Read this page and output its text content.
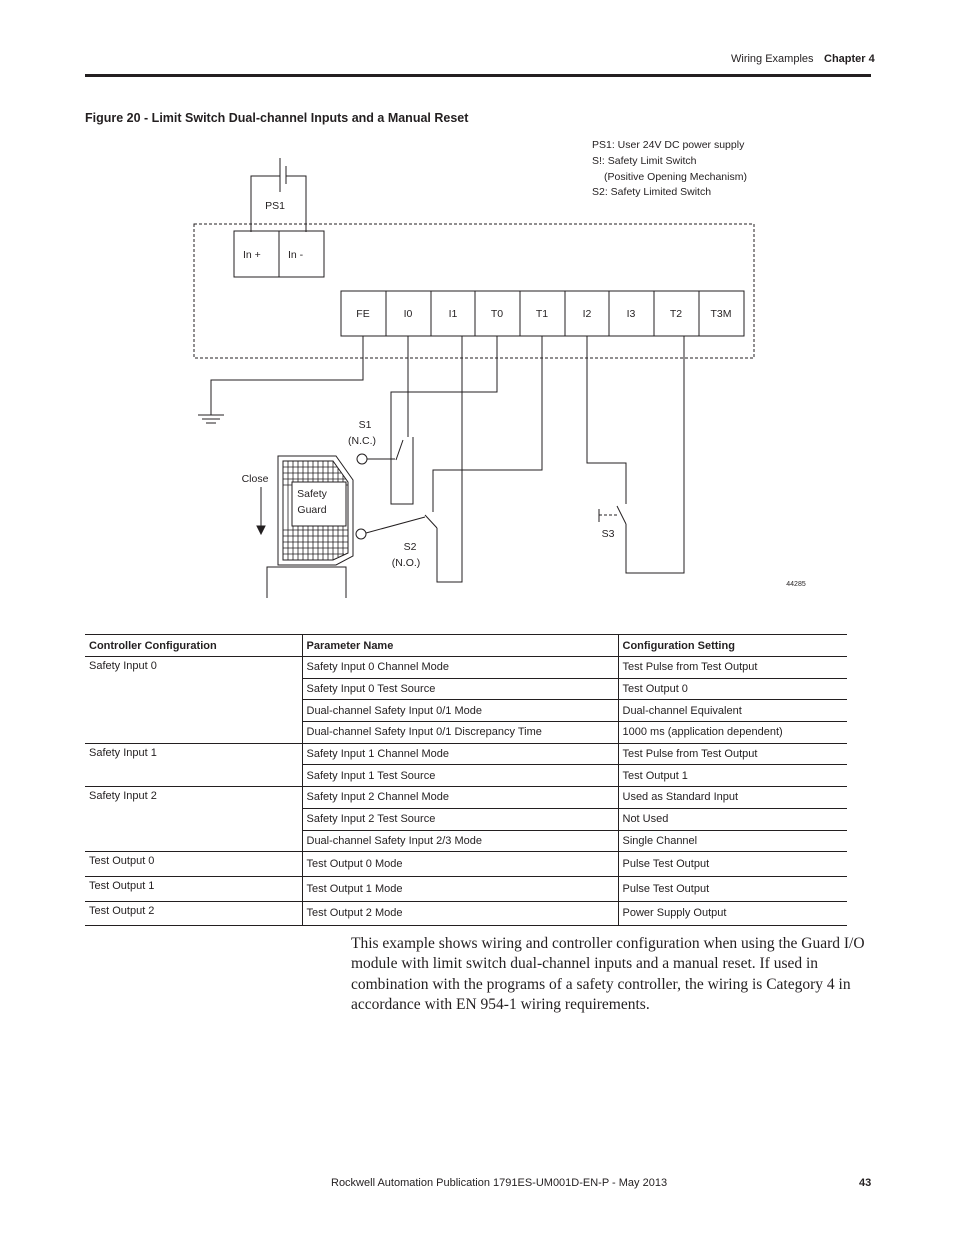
Wiring Examples Chapter 4
Figure 20 - Limit Switch Dual-channel Inputs and a Manual Reset
PS1
In +	In -
FE	I0	I1	T0	T1	I2	I3	T2	T3M
PS1: User 24V DC power supply
S!: Safety Limit Switch
(Positive Opening Mechanism)
S2: Safety Limited Switch
S1
(N.C.)
S2
(N.O.)
S3
Close
Safety
Guard
44285
Controller Configuration	Parameter Name	Configuration Setting
Safety Input 0	Safety Input 0 Channel Mode	Test Pulse from Test Output
	Safety Input 0 Test Source	Test Output 0
	Dual-channel Safety Input 0/1 Mode	Dual-channel Equivalent
	Dual-channel Safety Input 0/1 Discrepancy Time	1000 ms (application dependent)
Safety Input 1	Safety Input 1 Channel Mode	Test Pulse from Test Output
	Safety Input 1 Test Source	Test Output 1
Safety Input 2	Safety Input 2 Channel Mode	Used as Standard Input
	Safety Input 2 Test Source	Not Used
	Dual-channel Safety Input 2/3 Mode	Single Channel
Test Output 0	Test Output 0 Mode	Pulse Test Output
Test Output 1	Test Output 1 Mode	Pulse Test Output
Test Output 2	Test Output 2 Mode	Power Supply Output

This example shows wiring and controller configuration when using the Guard I/O module with limit switch dual-channel inputs and a manual reset. If used in combination with the programs of a safety controller, the wiring is Category 4 in accordance with EN 954-1 wiring requirements.

Rockwell Automation Publication 1791ES-UM001D-EN-P - May 2013	43
